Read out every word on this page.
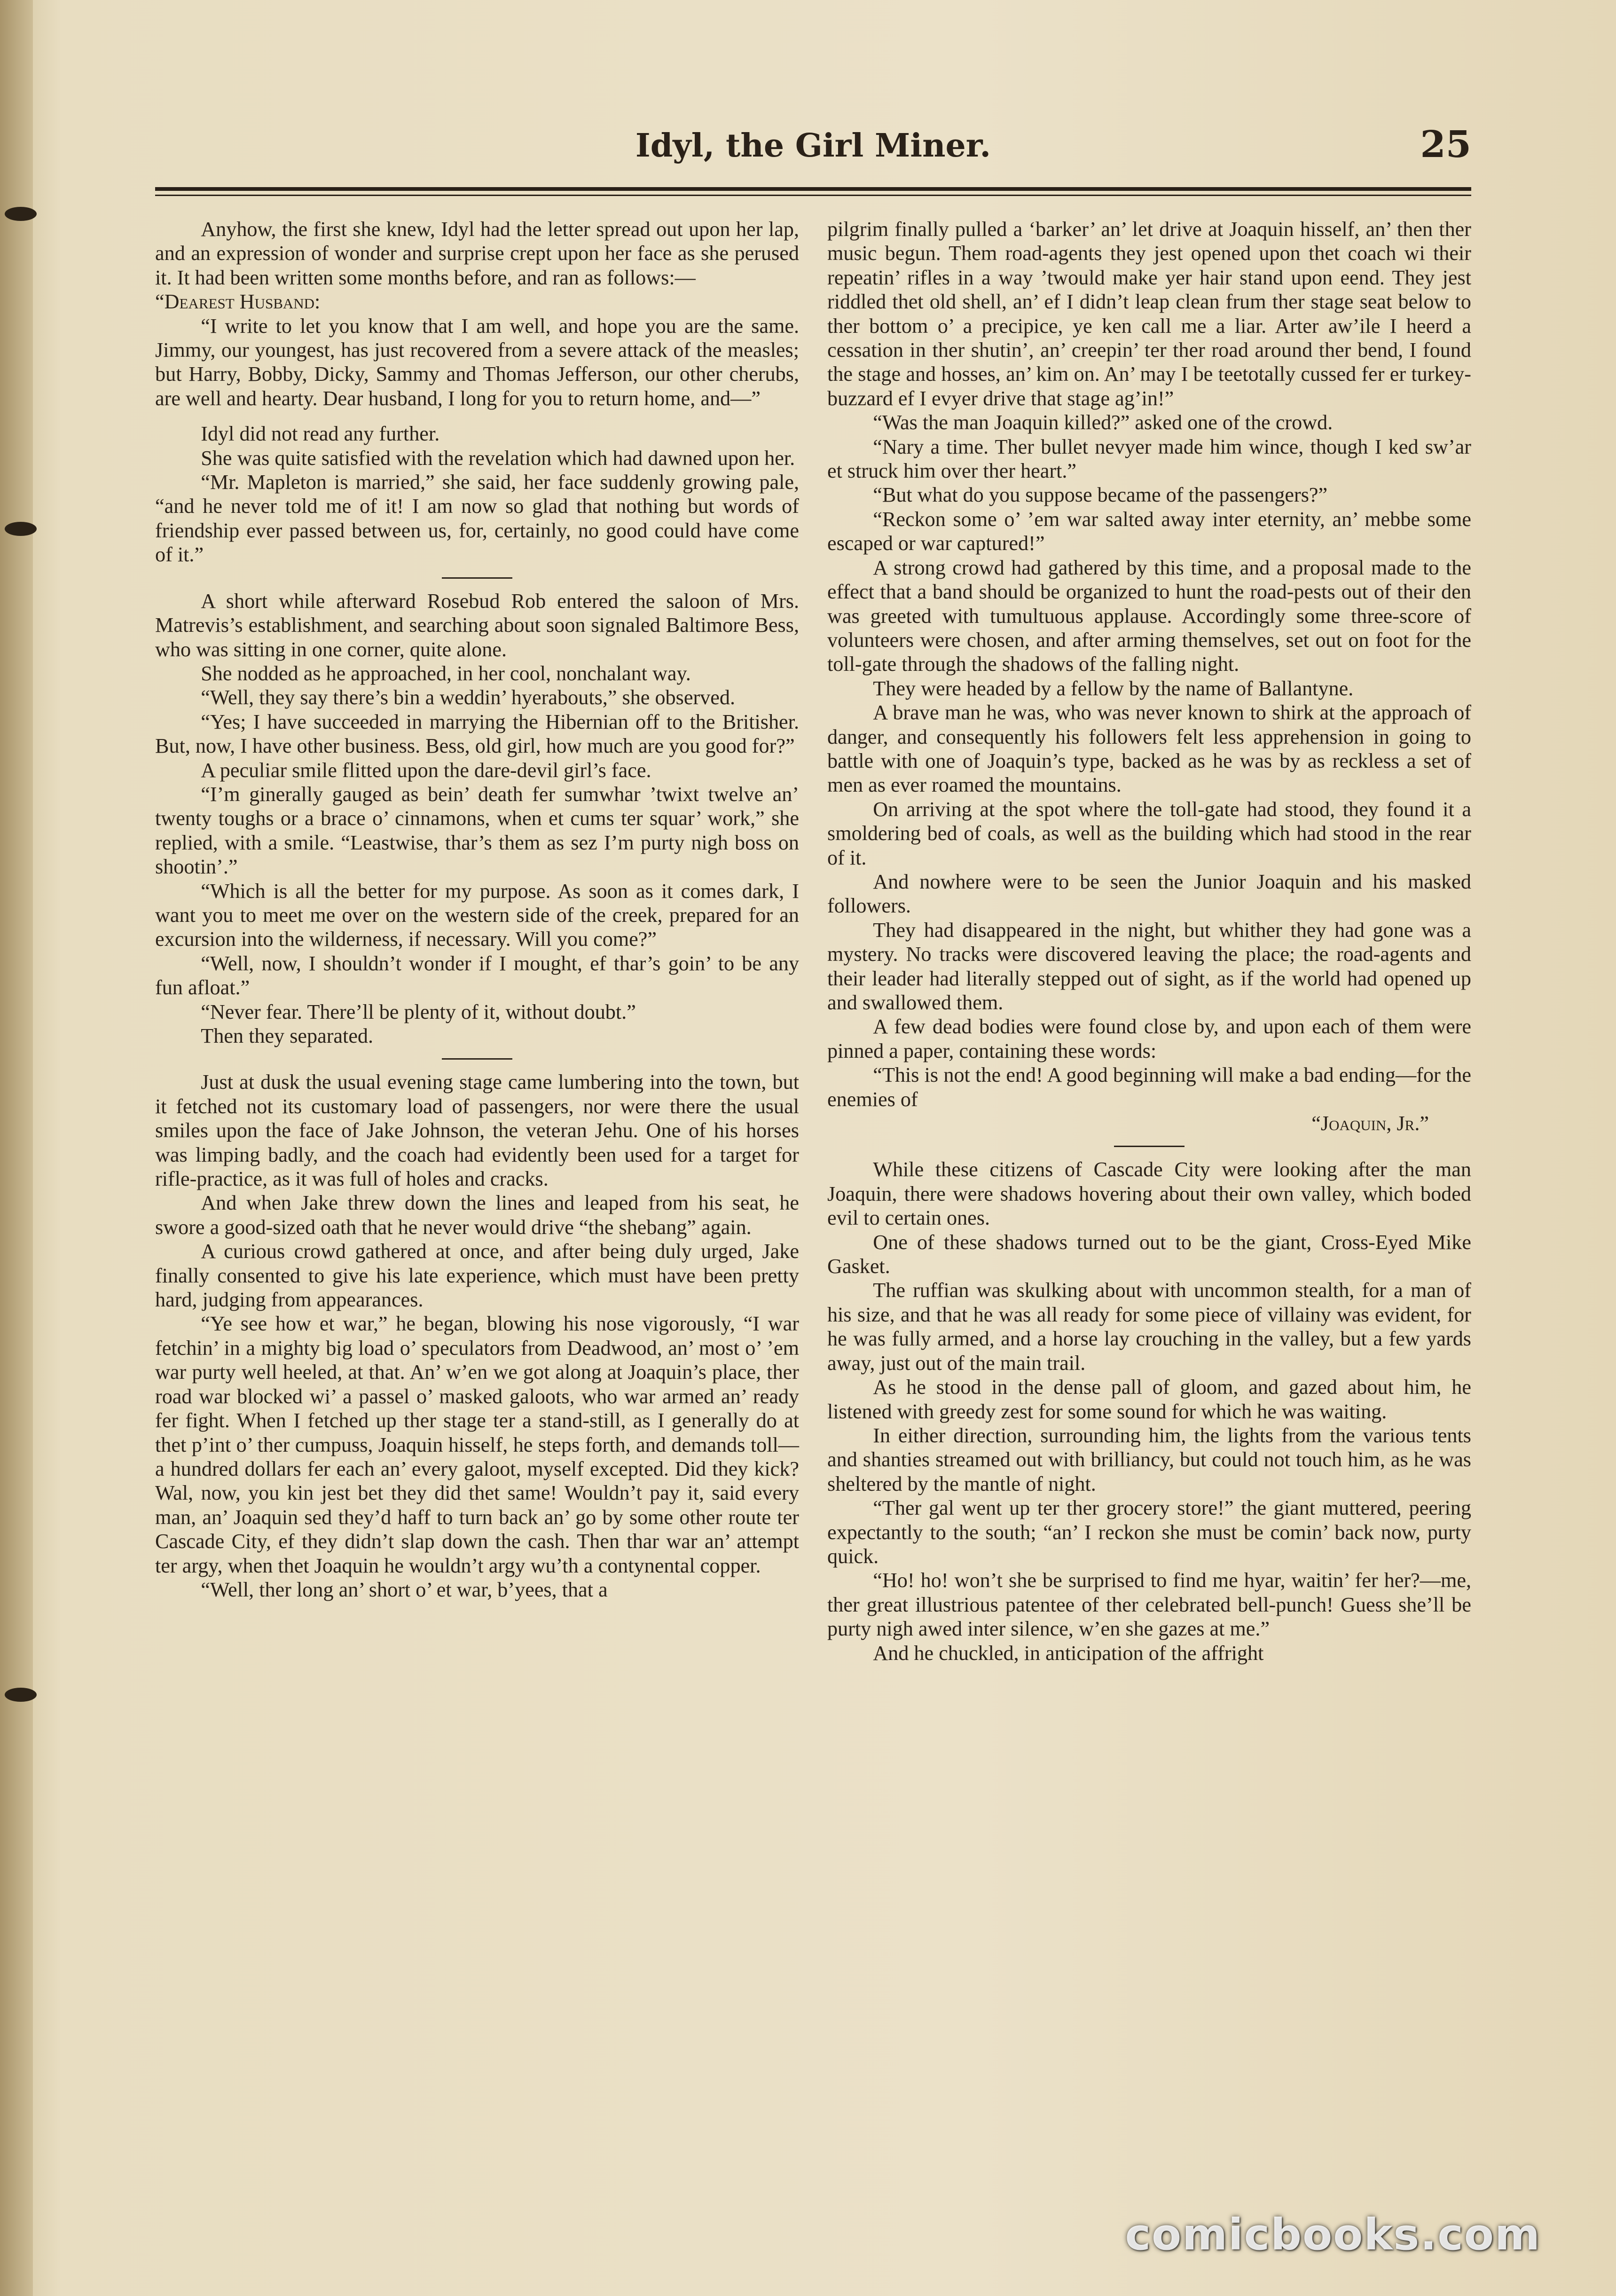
Idyl, the Girl Miner.	25

Anyhow, the first she knew, Idyl had the letter spread out upon her lap, and an expression of wonder and surprise crept upon her face as she perused it. It had been written some months before, and ran as follows:—

“Dearest Husband:

“I write to let you know that I am well, and hope you are the same. Jimmy, our youngest, has just recovered from a severe attack of the measles; but Harry, Bobby, Dicky, Sammy and Thomas Jefferson, our other cherubs, are well and hearty. Dear husband, I long for you to return home, and—”

Idyl did not read any further.

She was quite satisfied with the revelation which had dawned upon her.

“Mr. Mapleton is married,” she said, her face suddenly growing pale, “and he never told me of it! I am now so glad that nothing but words of friendship ever passed between us, for, certainly, no good could have come of it.”

A short while afterward Rosebud Rob entered the saloon of Mrs. Matrevis’s establishment, and searching about soon signaled Baltimore Bess, who was sitting in one corner, quite alone.

She nodded as he approached, in her cool, nonchalant way.

“Well, they say there’s bin a weddin’ hyerabouts,” she observed.

“Yes; I have succeeded in marrying the Hibernian off to the Britisher. But, now, I have other business. Bess, old girl, how much are you good for?”

A peculiar smile flitted upon the dare-devil girl’s face.

“I’m ginerally gauged as bein’ death fer sumwhar ’twixt twelve an’ twenty toughs or a brace o’ cinnamons, when et cums ter squar’ work,” she replied, with a smile. “Leastwise, thar’s them as sez I’m purty nigh boss on shootin’.”

“Which is all the better for my purpose. As soon as it comes dark, I want you to meet me over on the western side of the creek, prepared for an excursion into the wilderness, if necessary. Will you come?”

“Well, now, I shouldn’t wonder if I mought, ef thar’s goin’ to be any fun afloat.”

“Never fear. There’ll be plenty of it, without doubt.”

Then they separated.

Just at dusk the usual evening stage came lumbering into the town, but it fetched not its customary load of passengers, nor were there the usual smiles upon the face of Jake Johnson, the veteran Jehu. One of his horses was limping badly, and the coach had evidently been used for a target for rifle-practice, as it was full of holes and cracks.

And when Jake threw down the lines and leaped from his seat, he swore a good-sized oath that he never would drive “the shebang” again.

A curious crowd gathered at once, and after being duly urged, Jake finally consented to give his late experience, which must have been pretty hard, judging from appearances.

“Ye see how et war,” he began, blowing his nose vigorously, “I war fetchin’ in a mighty big load o’ speculators from Deadwood, an’ most o’ ’em war purty well heeled, at that. An’ w’en we got along at Joaquin’s place, ther road war blocked wi’ a passel o’ masked galoots, who war armed an’ ready fer fight. When I fetched up ther stage ter a stand-still, as I generally do at thet p’int o’ ther cumpuss, Joaquin hisself, he steps forth, and demands toll—a hundred dollars fer each an’ every galoot, myself excepted. Did they kick? Wal, now, you kin jest bet they did thet same! Wouldn’t pay it, said every man, an’ Joaquin sed they’d haff to turn back an’ go by some other route ter Cascade City, ef they didn’t slap down the cash. Then thar war an’ attempt ter argy, when thet Joaquin he wouldn’t argy wu’th a contynental copper.

“Well, ther long an’ short o’ et war, b’yees, that a

pilgrim finally pulled a ‘barker’ an’ let drive at Joaquin hisself, an’ then ther music begun. Them road-agents they jest opened upon thet coach wi their repeatin’ rifles in a way ’twould make yer hair stand upon eend. They jest riddled thet old shell, an’ ef I didn’t leap clean frum ther stage seat below to ther bottom o’ a precipice, ye ken call me a liar. Arter aw’ile I heerd a cessation in ther shutin’, an’ creepin’ ter ther road around ther bend, I found the stage and hosses, an’ kim on. An’ may I be teetotally cussed fer er turkey-buzzard ef I evyer drive that stage ag’in!”

“Was the man Joaquin killed?” asked one of the crowd.

“Nary a time. Ther bullet nevyer made him wince, though I ked sw’ar et struck him over ther heart.”

“But what do you suppose became of the passengers?”

“Reckon some o’ ’em war salted away inter eternity, an’ mebbe some escaped or war captured!”

A strong crowd had gathered by this time, and a proposal made to the effect that a band should be organized to hunt the road-pests out of their den was greeted with tumultuous applause. Accordingly some three-score of volunteers were chosen, and after arming themselves, set out on foot for the toll-gate through the shadows of the falling night.

They were headed by a fellow by the name of Ballantyne.

A brave man he was, who was never known to shirk at the approach of danger, and consequently his followers felt less apprehension in going to battle with one of Joaquin’s type, backed as he was by as reckless a set of men as ever roamed the mountains.

On arriving at the spot where the toll-gate had stood, they found it a smoldering bed of coals, as well as the building which had stood in the rear of it.

And nowhere were to be seen the Junior Joaquin and his masked followers.

They had disappeared in the night, but whither they had gone was a mystery. No tracks were discovered leaving the place; the road-agents and their leader had literally stepped out of sight, as if the world had opened up and swallowed them.

A few dead bodies were found close by, and upon each of them were pinned a paper, containing these words:

“This is not the end! A good beginning will make a bad ending—for the enemies of

“Joaquin, Jr.”

While these citizens of Cascade City were looking after the man Joaquin, there were shadows hovering about their own valley, which boded evil to certain ones.

One of these shadows turned out to be the giant, Cross-Eyed Mike Gasket.

The ruffian was skulking about with uncommon stealth, for a man of his size, and that he was all ready for some piece of villainy was evident, for he was fully armed, and a horse lay crouching in the valley, but a few yards away, just out of the main trail.

As he stood in the dense pall of gloom, and gazed about him, he listened with greedy zest for some sound for which he was waiting.

In either direction, surrounding him, the lights from the various tents and shanties streamed out with brilliancy, but could not touch him, as he was sheltered by the mantle of night.

“Ther gal went up ter ther grocery store!” the giant muttered, peering expectantly to the south; “an’ I reckon she must be comin’ back now, purty quick.

“Ho! ho! won’t she be surprised to find me hyar, waitin’ fer her?—me, ther great illustrious patentee of ther celebrated bell-punch! Guess she’ll be purty nigh awed inter silence, w’en she gazes at me.”

And he chuckled, in anticipation of the affright

comicbooks.com
